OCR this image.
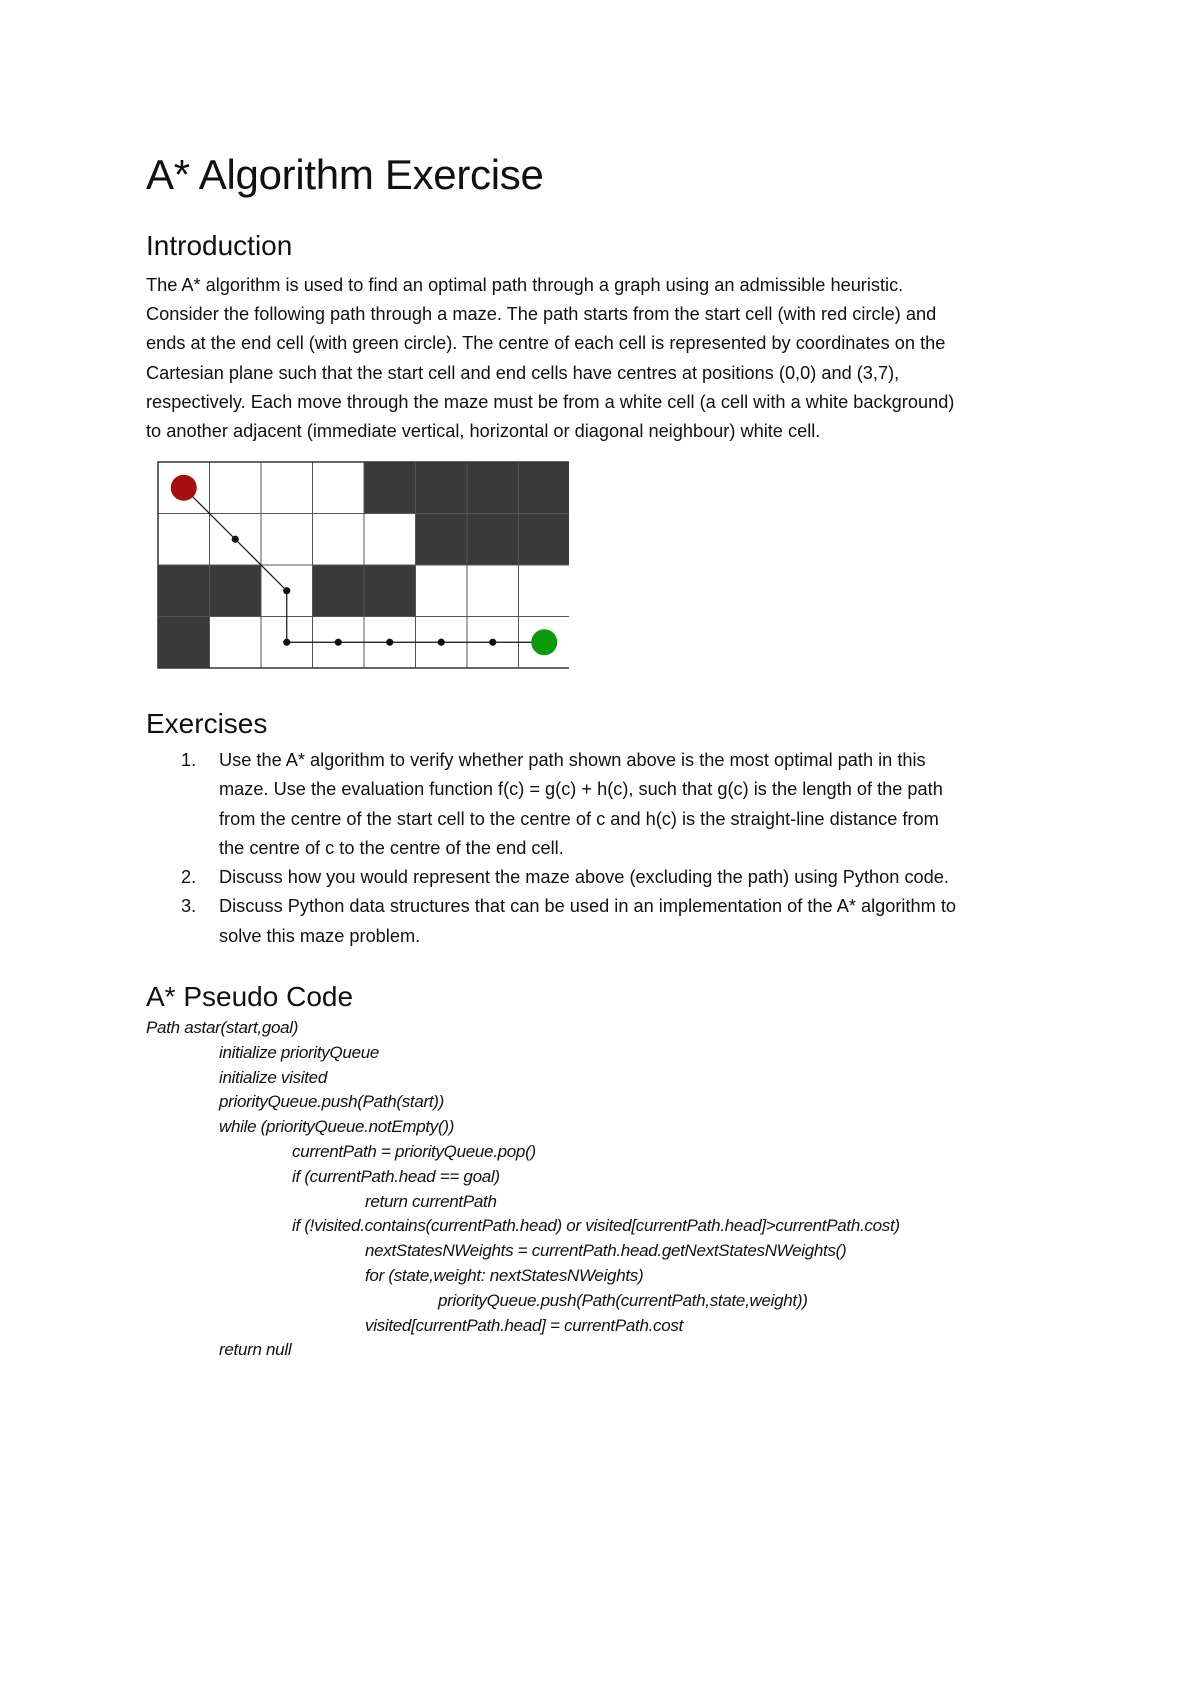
A* Algorithm Exercise
Introduction

The A* algorithm is used to find an optimal path through a graph using an admissible heuristic.
Consider the following path through a maze. The path starts from the start cell (with red circle) and
ends at the end cell (with green circle). The centre of each cell is represented by coordinates on the
Cartesian plane such that the start cell and end cells have centres at positions (0,0) and (3,7),
respectively. Each move through the maze must be from a white cell (a cell with a white background)
to another adjacent (immediate vertical, horizontal or diagonal neighbour) white cell.

Exercises
1. Use the A* algorithm to verify whether path shown above is the most optimal path in this
maze. Use the evaluation function f(c) = g(c) + h(c), such that g(c) is the length of the path
from the centre of the start cell to the centre of c and h(c) is the straight-line distance from
the centre of c to the centre of the end cell.
2. Discuss how you would represent the maze above (excluding the path) using Python code.
3. Discuss Python data structures that can be used in an implementation of the A* algorithm to
solve this maze problem.
A* Pseudo Code
Path astar(start,goal)
initialize priorityQueue
initialize visited
priorityQueue.push(Path(start))
while (priorityQueue.notEmpty())
currentPath = priorityQueue.pop()
if (currentPath.head == goal)
return currentPath
if (!visited.contains(currentPath.head) or visited[currentPath.head]>currentPath.cost)
nextStatesNWeights = currentPath.head.getNextStatesNWeights()
for (state,weight: nextStatesNWeights)
priorityQueue.push(Path(currentPath,state,weight))
visited[currentPath.head] = currentPath.cost
return null
